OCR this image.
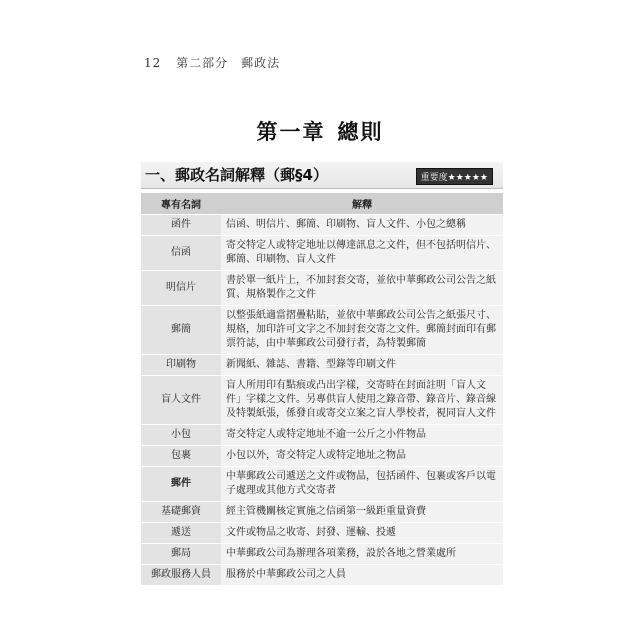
12 第二部分　郵政法
第一章 總則
一、郵政名詞解釋（郵§4）	重要度★★★★★
專有名詞	解釋
函件	信函、明信片、郵簡、印刷物、盲人文件、小包之總稱
信函	寄交特定人或特定地址以傳達訊息之文件，但不包括明信片、郵簡、印刷物、盲人文件
明信片	書於單一紙片上，不加封套交寄，並依中華郵政公司公告之紙質、規格製作之文件
郵簡	以整張紙適當摺疊粘貼，並依中華郵政公司公告之紙張尺寸、規格，加印許可文字之不加封套交寄之文件。郵簡封面印有郵票符誌，由中華郵政公司發行者，為特製郵簡
印刷物	新聞紙、雜誌、書籍、型錄等印刷文件
盲人文件	盲人所用印有點痕或凸出字樣，交寄時在封面註明「盲人文件」字樣之文件。另專供盲人使用之錄音帶、錄音片、錄音線及特製紙張，係發自或寄交立案之盲人學校者，視同盲人文件
小包	寄交特定人或特定地址不逾一公斤之小件物品
包裹	小包以外，寄交特定人或特定地址之物品
郵件	中華郵政公司遞送之文件或物品，包括函件、包裹或客戶以電子處理或其他方式交寄者
基礎郵資	經主管機關核定實施之信函第一級距重量資費
遞送	文件或物品之收寄、封發、運輸、投遞
郵局	中華郵政公司為辦理各項業務，設於各地之營業處所
郵政服務人員	服務於中華郵政公司之人員
